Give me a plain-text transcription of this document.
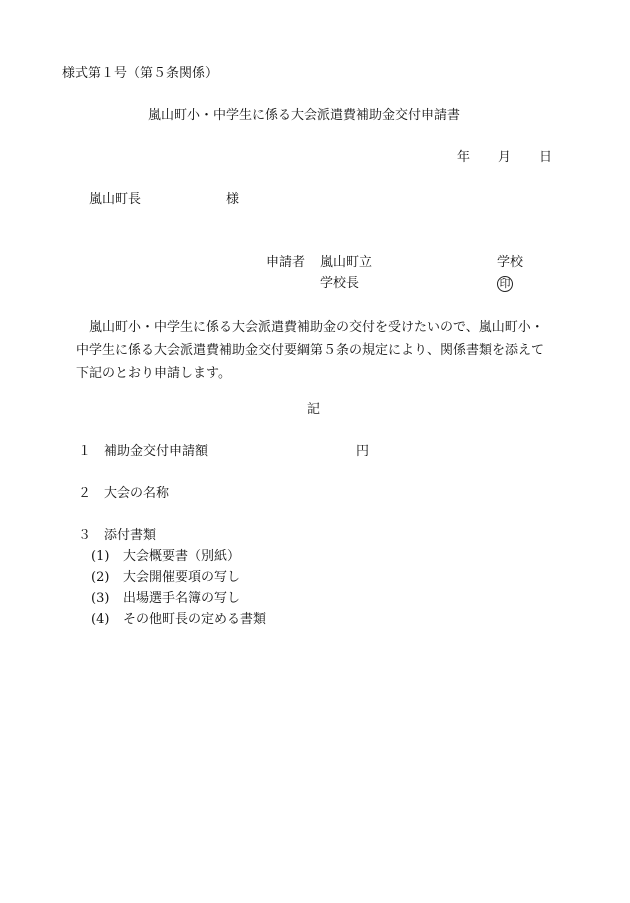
様式第１号（第５条関係）
嵐山町小・中学生に係る大会派遣費補助金交付申請書
年 月 日
嵐山町長	様
申請者 嵐山町立	学校
学校長	印
　嵐山町小・中学生に係る大会派遣費補助金の交付を受けたいので、嵐山町小・
中学生に係る大会派遣費補助金交付要綱第５条の規定により、関係書類を添えて
下記のとおり申請します。
記
１ 補助金交付申請額	円
２ 大会の名称
３ 添付書類
(1) 大会概要書（別紙）
(2) 大会開催要項の写し
(3) 出場選手名簿の写し
(4) その他町長の定める書類
